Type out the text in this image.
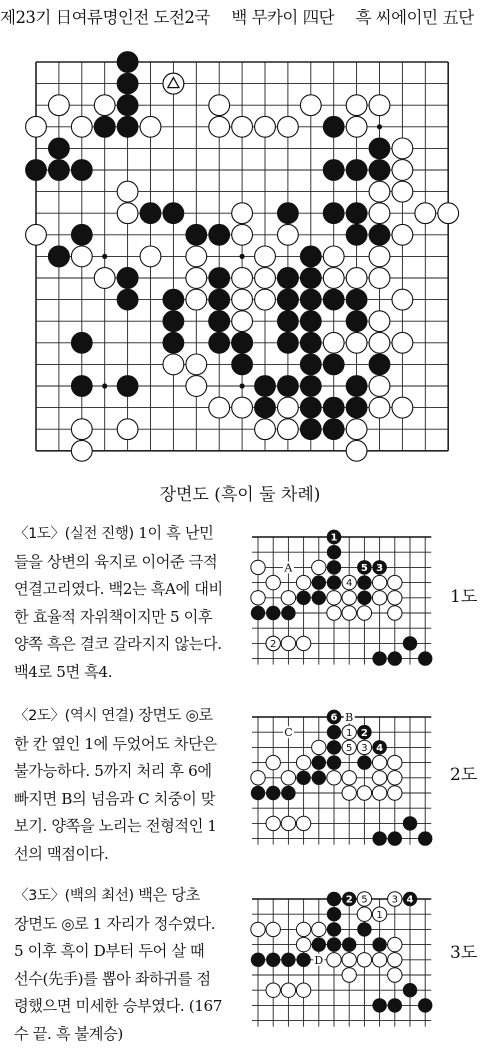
제23기 日여류명인전 도전2국 백 무카이 四단 흑 씨에이민 五단
장면도 (흑이 둘 차례)
〈1도〉(실전 진행) 1이 흑 난민
들을 상변의 육지로 이어준 극적
연결고리였다. 백2는 흑A에 대비
한 효율적 자위책이지만 5 이후
양쪽 흑은 결코 갈라지지 않는다.
백4로 5면 흑4.
4
2
1
5 3
A
1도
〈2도〉(역시 연결) 장면도 ◎로
한 칸 옆인 1에 두었어도 차단은
불가능하다. 5까지 처리 후 6에
빠지면 B의 넘음과 C 치중이 맞
보기. 양쪽을 노리는 전형적인 1
선의 맥점이다.
1
5 3
6
2
4
B
C
2도
〈3도〉(백의 최선) 백은 당초
장면도 ◎로 1 자리가 정수였다.
5 이후 흑이 D부터 두어 살 때
선수(先手)를 뽑아 좌하귀를 점
령했으면 미세한 승부였다. (167
수 끝. 흑 불계승)
5 3
1
2	4
D	3도
